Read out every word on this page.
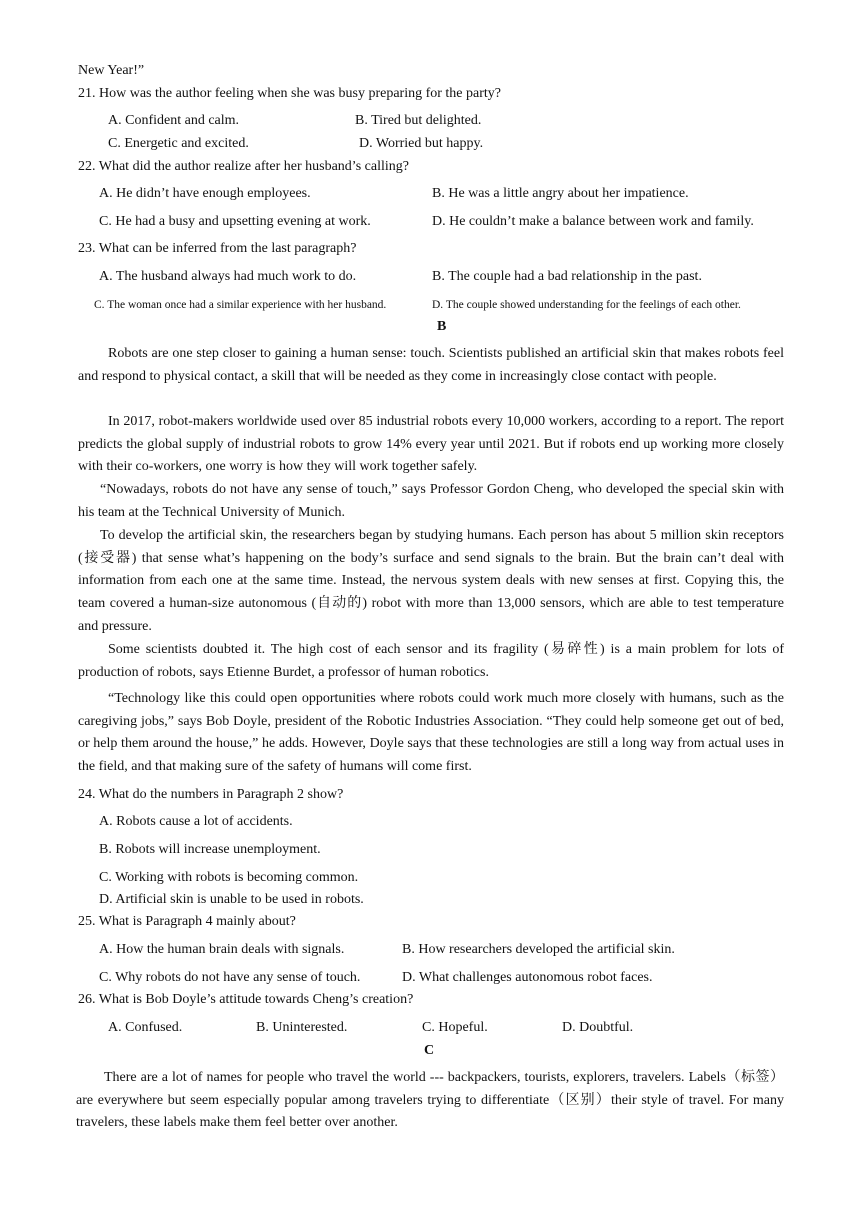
New Year!”
21. How was the author feeling when she was busy preparing for the party?
A. Confident and calm.	B. Tired but delighted.
C. Energetic and excited.	D. Worried but happy.
22. What did the author realize after her husband’s calling?
A. He didn’t have enough employees.	B. He was a little angry about her impatience.
C. He had a busy and upsetting evening at work.	D. He couldn’t make a balance between work and family.
23. What can be inferred from the last paragraph?
A. The husband always had much work to do.	B. The couple had a bad relationship in the past.
C. The woman once had a similar experience with her husband.	D. The couple showed understanding for the feelings of each other.
B
Robots are one step closer to gaining a human sense: touch. Scientists published an artificial skin that makes robots feel and respond to physical contact, a skill that will be needed as they come in increasingly close contact with people.
In 2017, robot-makers worldwide used over 85 industrial robots every 10,000 workers, according to a report. The report predicts the global supply of industrial robots to grow 14% every year until 2021. But if robots end up working more closely with their co-workers, one worry is how they will work together safely.
“Nowadays, robots do not have any sense of touch,” says Professor Gordon Cheng, who developed the special skin with his team at the Technical University of Munich.
To develop the artificial skin, the researchers began by studying humans. Each person has about 5 million skin receptors (接受器) that sense what’s happening on the body’s surface and send signals to the brain. But the brain can’t deal with information from each one at the same time. Instead, the nervous system deals with new senses at first. Copying this, the team covered a human-size autonomous (自动的) robot with more than 13,000 sensors, which are able to test temperature and pressure.
Some scientists doubted it. The high cost of each sensor and its fragility (易碎性) is a main problem for lots of production of robots, says Etienne Burdet, a professor of human robotics.
“Technology like this could open opportunities where robots could work much more closely with humans, such as the caregiving jobs,” says Bob Doyle, president of the Robotic Industries Association. “They could help someone get out of bed, or help them around the house,” he adds. However, Doyle says that these technologies are still a long way from actual uses in the field, and that making sure of the safety of humans will come first.
24. What do the numbers in Paragraph 2 show?
A. Robots cause a lot of accidents.
B. Robots will increase unemployment.
C. Working with robots is becoming common.
D. Artificial skin is unable to be used in robots.
25. What is Paragraph 4 mainly about?
A. How the human brain deals with signals.	B. How researchers developed the artificial skin.
C. Why robots do not have any sense of touch.	D. What challenges autonomous robot faces.
26. What is Bob Doyle’s attitude towards Cheng’s creation?
A. Confused.	B. Uninterested.	C. Hopeful.	D. Doubtful.
C
There are a lot of names for people who travel the world --- backpackers, tourists, explorers, travelers. Labels（标签）are everywhere but seem especially popular among travelers trying to differentiate（区别）their style of travel. For many travelers, these labels make them feel better over another.
